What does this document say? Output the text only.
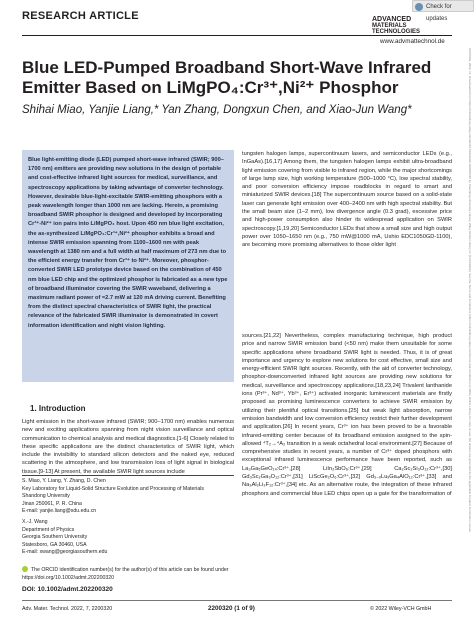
RESEARCH ARTICLE
Check for updates
ADVANCED
MATERIALS
TECHNOLOGIES
www.advmattechnol.de
Blue LED-Pumped Broadband Short-Wave Infrared Emitter Based on LiMgPO₄:Cr³⁺,Ni²⁺ Phosphor
Shihai Miao, Yanjie Liang,* Yan Zhang, Dongxun Chen, and Xiao-Jun Wang*

Blue light-emitting diode (LED) pumped short-wave infrared (SWIR; 900–1700 nm) emitters are providing new solutions in the design of portable and cost-effective infrared light sources for medical, surveillance, and spectroscopy applications by taking advantage of converter technology. However, desirable blue-light-excitable SWIR-emitting phosphors with a peak wavelength longer than 1000 nm are lacking. Herein, a promising broadband SWIR phosphor is designed and developed by incorporating Cr³⁺-Ni²⁺ ion pairs into LiMgPO₄ host. Upon 450 nm blue light excitation, the as-synthesized LiMgPO₄:Cr³⁺,Ni²⁺ phosphor exhibits a broad and intense SWIR emission spanning from 1100–1600 nm with peak wavelength at 1380 nm and a full width at half maximum of 273 nm due to the efficient energy transfer from Cr³⁺ to Ni²⁺. Moreover, phosphor-converted SWIR LED prototype device based on the combination of 450 nm blue LED chip and the optimized phosphor is fabricated as a new type of broadband illuminator covering the SWIR waveband, delivering a maximum radiant power of ≈2.7 mW at 120 mA driving current. Benefiting from the distinct spectral characteristics of SWIR light, the practical relevance of the fabricated SWIR illuminator is demonstrated in covert information identification and night vision lighting.

1. Introduction

Light emission in the short-wave infrared (SWIR; 900–1700 nm) enables numerous new and exciting applications spanning from night vision surveillance and optical communication to chemical analysis and medical diagnostics.[1-6] Closely related to these specific applications are the distinct characteristics of SWIR light, which include the invisibility to standard silicon detectors and the naked eye, reduced scattering in the atmosphere, and low transmission loss of light signal in biological tissue.[9-13] At present, the available SWIR light sources include

S. Miao, Y. Liang, Y. Zhang, D. Chen

Key Laboratory for Liquid-Solid Structure Evolution and Processing of Materials

Shandong University

Jinan 250061, P. R. China

E-mail: yanjie.liang@sdu.edu.cn

X.-J. Wang

Department of Physics

Georgia Southern University

Statesboro, GA 30460, USA

E-mail: xwang@georgiasouthern.edu

The ORCID identification number(s) for the author(s) of this article can be found under https://doi.org/10.1002/admt.202200320
DOI: 10.1002/admt.202200320

tungsten halogen lamps, supercontinuum lasers, and semiconductor LEDs (e.g., InGaAs).[16,17] Among them, the tungsten halogen lamps exhibit ultra-broadband light emission covering from visible to infrared region, while the major shortcomings of large lamp size, high working temperature (500–1000 °C), low spectral stability, and poor conversion efficiency impose roadblocks in regard to smart and miniaturized SWIR devices.[18] The supercontinuum source based on a solid-state laser can generate light emission over 400–2400 nm with high spectral stability. But the small beam size (1–2 mm), low divergence angle (0.3 grad), excessive price and high-power consumption also hinder its widespread application on SWIR spectroscopy.[1,19,20] Semiconductor LEDs that show a small size and high output power over 1050–1650 nm (e.g., 750 mW@1000 mA, Ushio EDC1050GD-1100), are becoming more promising alternatives to those older light

sources.[21,22] Nevertheless, complex manufacturing technique, high product price and narrow SWIR emission band (<50 nm) make them unsuitable for some specific applications where broadband SWIR light is needed. Thus, it is of great importance and urgency to explore new solutions for cost effective, small size and energy-efficient SWIR light sources. Recently, with the aid of converter technology, phosphor-downconverted infrared light sources are providing new solutions for medical, surveillance and spectroscopy applications.[18,23,24] Trivalent lanthanide ions (Pr³⁺, Nd³⁺, Yb³⁺, Er³⁺) activated inorganic luminescent materials are firstly proposed as promising luminescence converters to achieve SWIR emission by utilizing their plentiful optical transitions.[25] but weak light absorption, narrow emission bandwidth and low conversion efficiency restrict their further development and application.[26] In recent years, Cr³⁺ ion has been proved to be a favorable infrared-emitting center because of its broadband emission assigned to the spin-allowed ⁴T₂→⁴A₂ transition in a weak octahedral local environment.[27] Because of comprehensive studies in recent years, a number of Cr³⁺ doped phosphors with exceptional infrared luminescence performance have been reported, such as La₃Ga₅GeO₁₄:Cr³⁺,[28] LiIn₂SbO₆:Cr³⁺,[29] Ca₂Sc₂Si₃O₁₂:Cr³⁺,[30] Gd₃Sc₂Ga₃O₁₂:Cr³⁺,[31] LiScGe₂O₆:Cr³⁺,[32] Gd₃₋ₓLuₓGa₄AlO₁₂:Cr³⁺,[33] and Na₃Al₂Li₃F₁₂:Cr³⁺,[34] etc. As an alternative route, the integration of these infrared phosphors and commercial blue LED chips open up a gate for the transformation of

Adv. Mater. Technol. 2022, 7, 2200320	2200320 (1 of 9)	© 2022 Wiley-VCH GmbH
2365709x, 2022, 11, Downloaded from https://onlinelibrary.wiley.com/doi/10.1002/admt.202200320 by Shandong University Library, Wiley Online Library on [13/12/2022]. See the Terms and Conditions (https://onlinelibrary.wiley.com/terms-and-conditions) on Wiley Online Library for rules of use; OA articles are governed by the applicable Creative Commons License
